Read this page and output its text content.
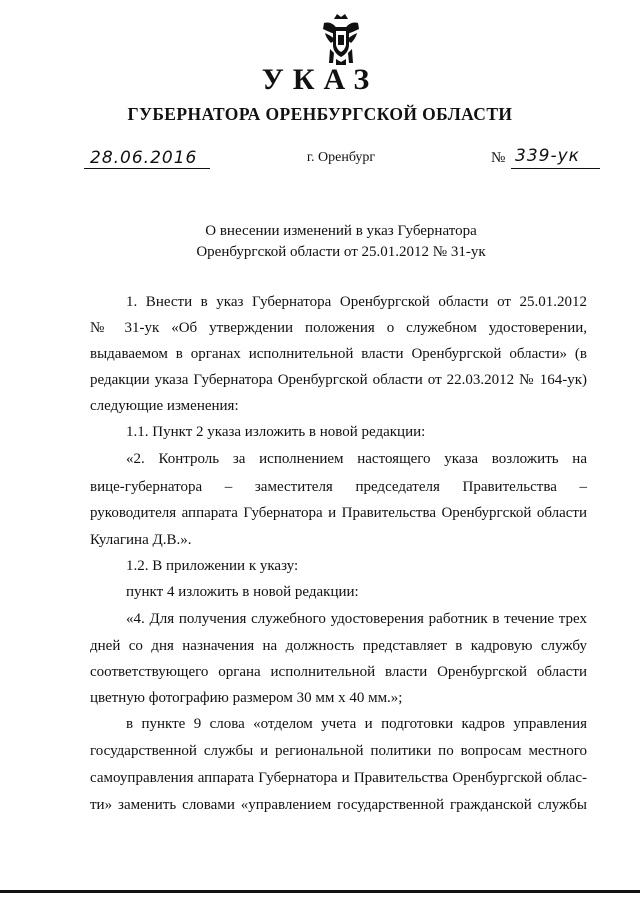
УКАЗ
ГУБЕРНАТОРА ОРЕНБУРГСКОЙ ОБЛАСТИ
28.06.2016	г. Оренбург	№ 339-ук
О внесении изменений в указ Губернатора
Оренбургской области от 25.01.2012 № 31-ук
1. Внести в указ Губернатора Оренбургской области от 25.01.2012
№ 31-ук «Об утверждении положения о служебном удостоверении,
выдаваемом в органах исполнительной власти Оренбургской области» (в
редакции указа Губернатора Оренбургской области от 22.03.2012 № 164-ук)
следующие изменения:
1.1. Пункт 2 указа изложить в новой редакции:
«2. Контроль за исполнением настоящего указа возложить на
вице-губернатора – заместителя председателя Правительства –
руководителя аппарата Губернатора и Правительства Оренбургской области
Кулагина Д.В.».
1.2. В приложении к указу:
пункт 4 изложить в новой редакции:
«4. Для получения служебного удостоверения работник в течение трех
дней со дня назначения на должность представляет в кадровую службу
соответствующего органа исполнительной власти Оренбургской области
цветную фотографию размером 30 мм х 40 мм.»;
в пункте 9 слова «отделом учета и подготовки кадров управления
государственной службы и региональной политики по вопросам местного
самоуправления аппарата Губернатора и Правительства Оренбургской облас-
ти» заменить словами «управлением государственной гражданской службы
